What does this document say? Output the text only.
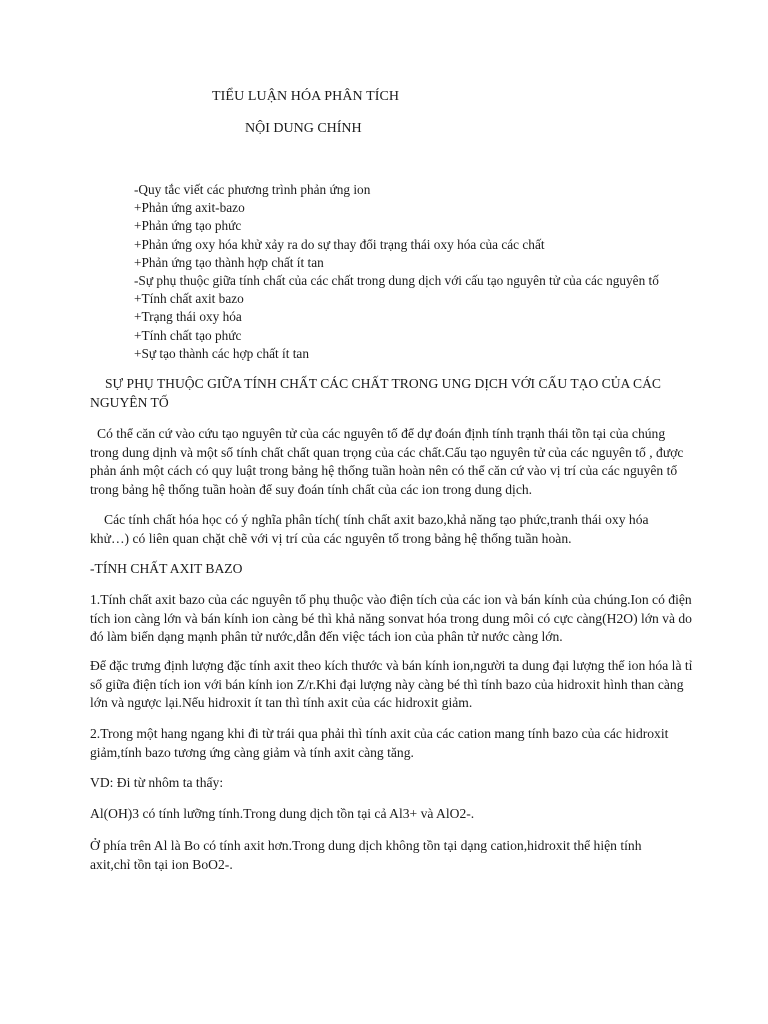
TIỂU LUẬN HÓA PHÂN TÍCH
NỘI DUNG CHÍNH
-Quy tắc viết các phương trình phản ứng ion
+Phản ứng axit-bazo
+Phản ứng tạo phức
+Phản ứng oxy hóa khử xảy ra do sự thay đổi trạng thái oxy hóa của các chất
+Phản ứng tạo thành hợp chất ít tan
-Sự phụ thuộc giữa tính chất của các chất trong dung dịch với cấu tạo nguyên tử của các nguyên tố
+Tính chất axit bazo
+Trạng thái oxy hóa
+Tính chất tạo phức
+Sự tạo thành các hợp chất ít tan

SỰ PHỤ THUỘC GIỮA TÍNH CHẤT CÁC CHẤT TRONG UNG DỊCH VỚI CẤU TẠO CỦA CÁC NGUYÊN TỐ

Có thể căn cứ vào cứu tạo nguyên tử của các nguyên tố để dự đoán định tính trạnh thái tồn tại của chúng trong dung dịnh và một số tính chất chất quan trọng của các chất.Cấu tạo nguyên tử của các nguyên tố , được phản ánh một cách có quy luật trong bảng hệ thống tuần hoàn nên có thể căn cứ vào vị trí của các nguyên tố trong bảng hệ thống tuần hoàn để suy đoán tính chất của các ion trong dung dịch.

Các tính chất hóa học có ý nghĩa phân tích( tính chất axit bazo,khả năng tạo phức,tranh thái oxy hóa khử…) có liên quan chặt chẽ với vị trí của các nguyên tố trong bảng hệ thống tuần hoàn.

-TÍNH CHẤT AXIT BAZO

1.Tính chất axit bazo của các nguyên tố phụ thuộc vào điện tích của các ion và bán kính của chúng.Ion có điện tích ion càng lớn và bán kính ion càng bé thì khả năng sonvat hóa trong dung môi có cực càng(H2O) lớn và do đó làm biến dạng mạnh phân tử nước,dẫn đến việc tách ion của phân tử nước càng lớn.

Để đặc trưng định lượng đặc tính axit theo kích thước và bán kính ion,người ta dung đại lượng thế ion hóa là tỉ số giữa điện tích ion với bán kính ion Z/r.Khi đại lượng này càng bé thì tính bazo của hidroxit hình than càng lớn và ngược lại.Nếu hidroxit ít tan thì tính axit của các hidroxit giảm.

2.Trong một hang ngang khi đi từ trái qua phải thì tính axit của các cation mang tính bazo của các hidroxit giảm,tính bazo tương ứng càng giảm và tính axit càng tăng.

VD: Đi từ nhôm ta thấy:

Al(OH)3 có tính lưỡng tính.Trong dung dịch tồn tại cả Al3+ và AlO2-.

Ở phía trên Al là Bo có tính axit hơn.Trong dung dịch không tồn tại dạng cation,hidroxit thể hiện tính axit,chỉ tồn tại ion BoO2-.
